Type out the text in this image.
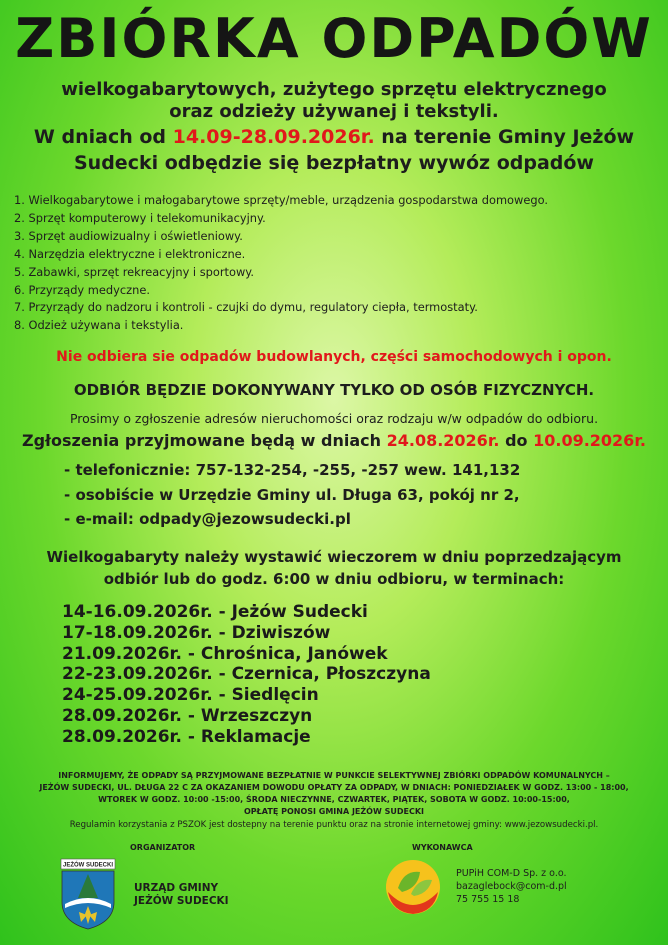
ZBIÓRKA ODPADÓW
wielkogabarytowych, zużytego sprzętu elektrycznego
oraz odzieży używanej i tekstyli.
W dniach od 14.09-28.09.2026r. na terenie Gminy Jeżów
Sudecki odbędzie się bezpłatny wywóz odpadów
1. Wielkogabarytowe i małogabarytowe sprzęty/meble, urządzenia gospodarstwa domowego.
2. Sprzęt komputerowy i telekomunikacyjny.
3. Sprzęt audiowizualny i oświetleniowy.
4. Narzędzia elektryczne i elektroniczne.
5. Zabawki, sprzęt rekreacyjny i sportowy.
6. Przyrządy medyczne.
7. Przyrządy do nadzoru i kontroli - czujki do dymu, regulatory ciepła, termostaty.
8. Odzież używana i tekstylia.
Nie odbiera sie odpadów budowlanych, części samochodowych i opon.
ODBIÓR BĘDZIE DOKONYWANY TYLKO OD OSÓB FIZYCZNYCH.
Prosimy o zgłoszenie adresów nieruchomości oraz rodzaju w/w odpadów do odbioru.
Zgłoszenia przyjmowane będą w dniach 24.08.2026r. do 10.09.2026r.
- telefonicznie: 757-132-254, -255, -257 wew. 141,132
- osobiście w Urzędzie Gminy ul. Długa 63, pokój nr 2,
- e-mail: odpady@jezowsudecki.pl
Wielkogabaryty należy wystawić wieczorem w dniu poprzedzającym
odbiór lub do godz. 6:00 w dniu odbioru, w terminach:
14-16.09.2026r. - Jeżów Sudecki
17-18.09.2026r. - Dziwiszów
21.09.2026r. - Chrośnica, Janówek
22-23.09.2026r. - Czernica, Płoszczyna
24-25.09.2026r. - Siedlęcin
28.09.2026r. - Wrzeszczyn
28.09.2026r. - Reklamacje
INFORMUJEMY, ŻE ODPADY SĄ PRZYJMOWANE BEZPŁATNIE W PUNKCIE SELEKTYWNEJ ZBIÓRKI ODPADÓW KOMUNALNYCH –
JEŻÓW SUDECKI, UL. DŁUGA 22 C ZA OKAZANIEM DOWODU OPŁATY ZA ODPADY, W DNIACH: PONIEDZIAŁEK W GODZ. 13:00 - 18:00,
WTOREK W GODZ. 10:00 -15:00, ŚRODA NIECZYNNE, CZWARTEK, PIĄTEK, SOBOTA W GODZ. 10:00-15:00,
OPŁATĘ PONOSI GMINA JEŻÓW SUDECKI
Regulamin korzystania z PSZOK jest dostepny na terenie punktu oraz na stronie internetowej gminy: www.jezowsudecki.pl.
ORGANIZATOR	WYKONAWCA
JEŻÓW SUDECKI
URZĄD GMINY
JEŻÓW SUDECKI
PUPiH COM-D Sp. z o.o.
bazaglebock@com-d.pl
75 755 15 18
